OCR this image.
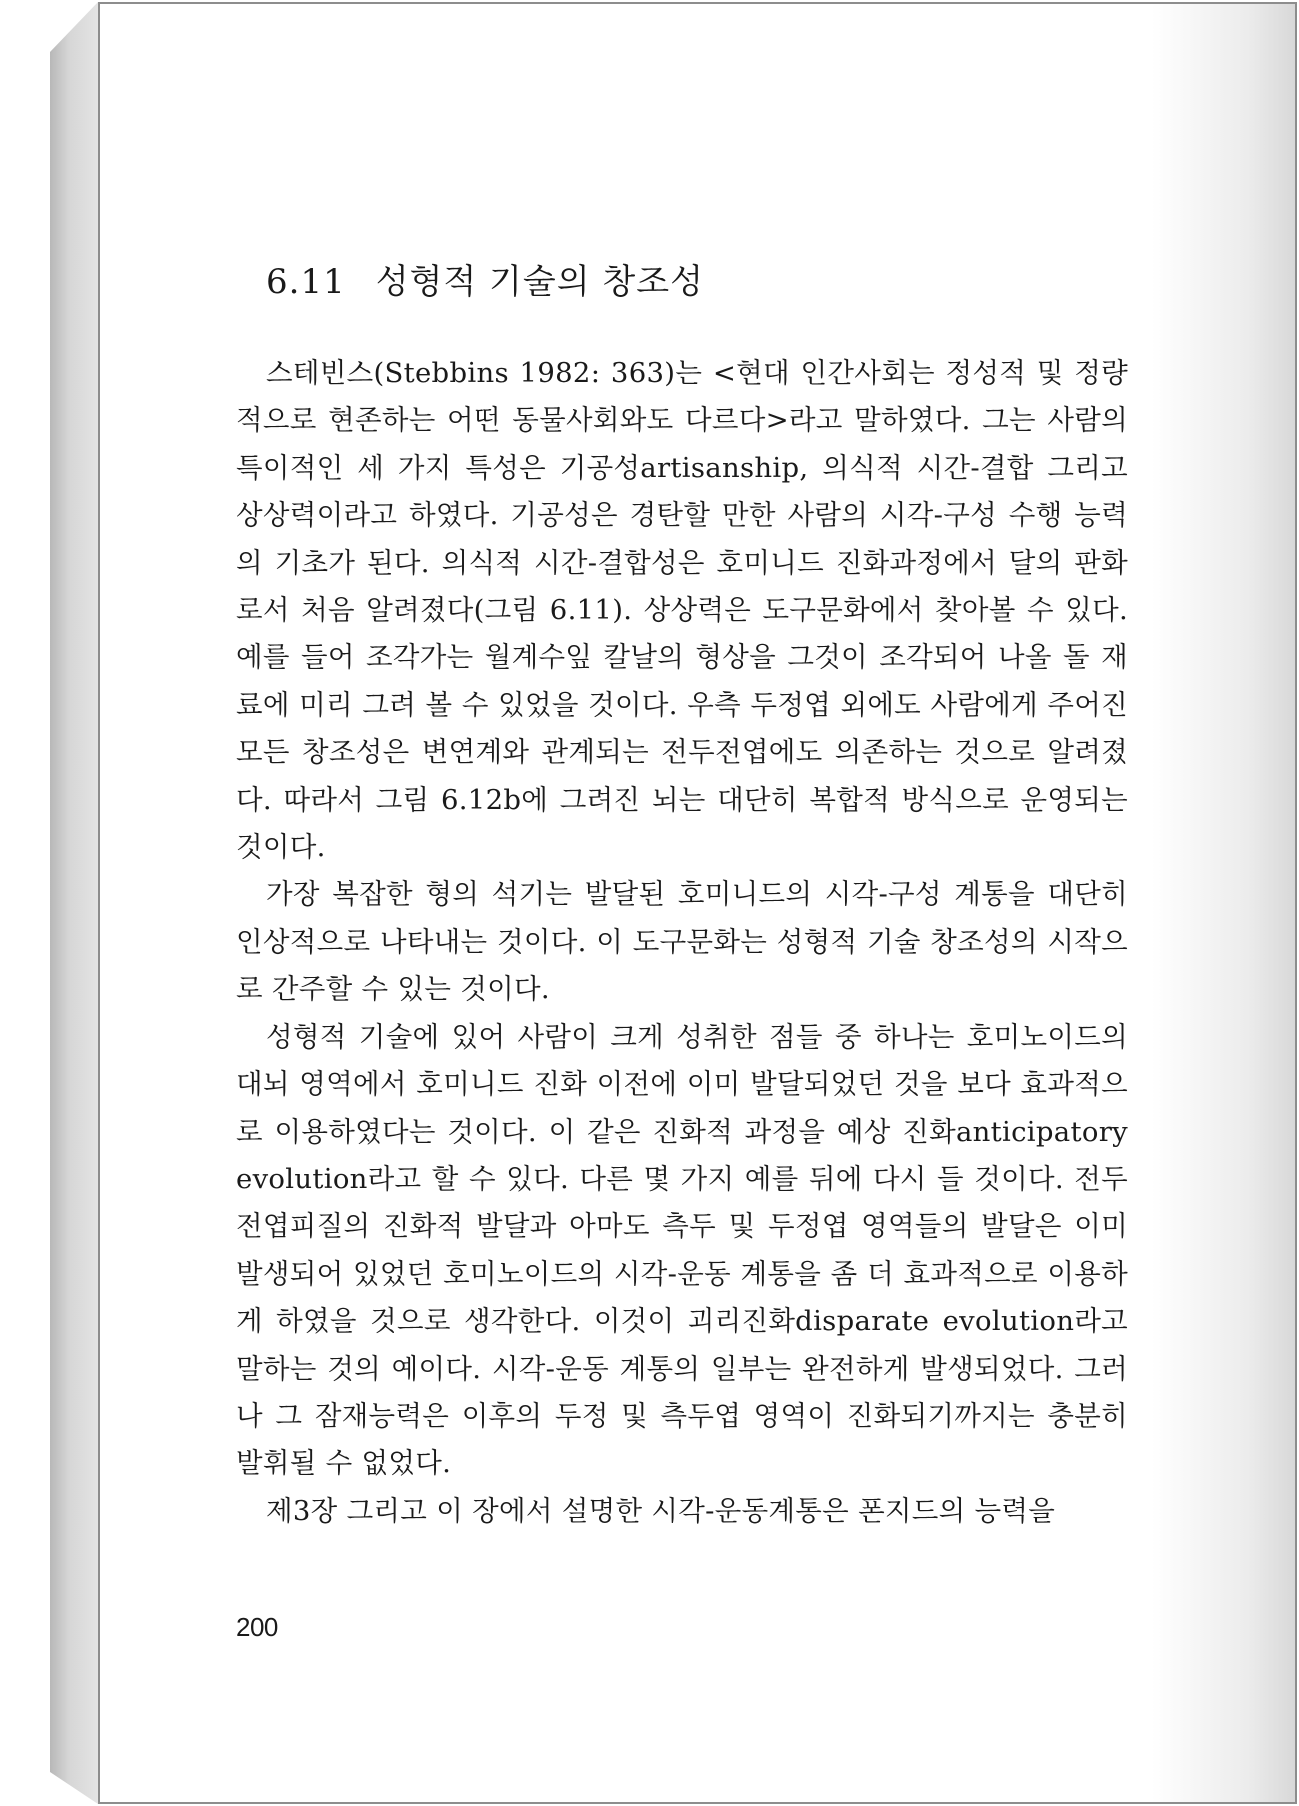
6.11 성형적 기술의 창조성

스테빈스(Stebbins 1982: 363)는 <현대 인간사회는 정성적 및 정량적으로 현존하는 어떤 동물사회와도 다르다>라고 말하였다. 그는 사람의 특이적인 세 가지 특성은 기공성artisanship, 의식적 시간-결합 그리고 상상력이라고 하였다. 기공성은 경탄할 만한 사람의 시각-구성 수행 능력의 기초가 된다. 의식적 시간-결합성은 호미니드 진화과정에서 달의 판화로서 처음 알려졌다(그림 6.11). 상상력은 도구문화에서 찾아볼 수 있다. 예를 들어 조각가는 월계수잎 칼날의 형상을 그것이 조각되어 나올 돌 재료에 미리 그려 볼 수 있었을 것이다. 우측 두정엽 외에도 사람에게 주어진 모든 창조성은 변연계와 관계되는 전두전엽에도 의존하는 것으로 알려졌다. 따라서 그림 6.12b에 그려진 뇌는 대단히 복합적 방식으로 운영되는 것이다.

가장 복잡한 형의 석기는 발달된 호미니드의 시각-구성 계통을 대단히 인상적으로 나타내는 것이다. 이 도구문화는 성형적 기술 창조성의 시작으로 간주할 수 있는 것이다.

성형적 기술에 있어 사람이 크게 성취한 점들 중 하나는 호미노이드의 대뇌 영역에서 호미니드 진화 이전에 이미 발달되었던 것을 보다 효과적으로 이용하였다는 것이다. 이 같은 진화적 과정을 예상 진화anticipatory evolution라고 할 수 있다. 다른 몇 가지 예를 뒤에 다시 들 것이다. 전두전엽피질의 진화적 발달과 아마도 측두 및 두정엽 영역들의 발달은 이미 발생되어 있었던 호미노이드의 시각-운동 계통을 좀 더 효과적으로 이용하게 하였을 것으로 생각한다. 이것이 괴리진화disparate evolution라고 말하는 것의 예이다. 시각-운동 계통의 일부는 완전하게 발생되었다. 그러나 그 잠재능력은 이후의 두정 및 측두엽 영역이 진화되기까지는 충분히 발휘될 수 없었다.

제3장 그리고 이 장에서 설명한 시각-운동계통은 폰지드의 능력을

200
